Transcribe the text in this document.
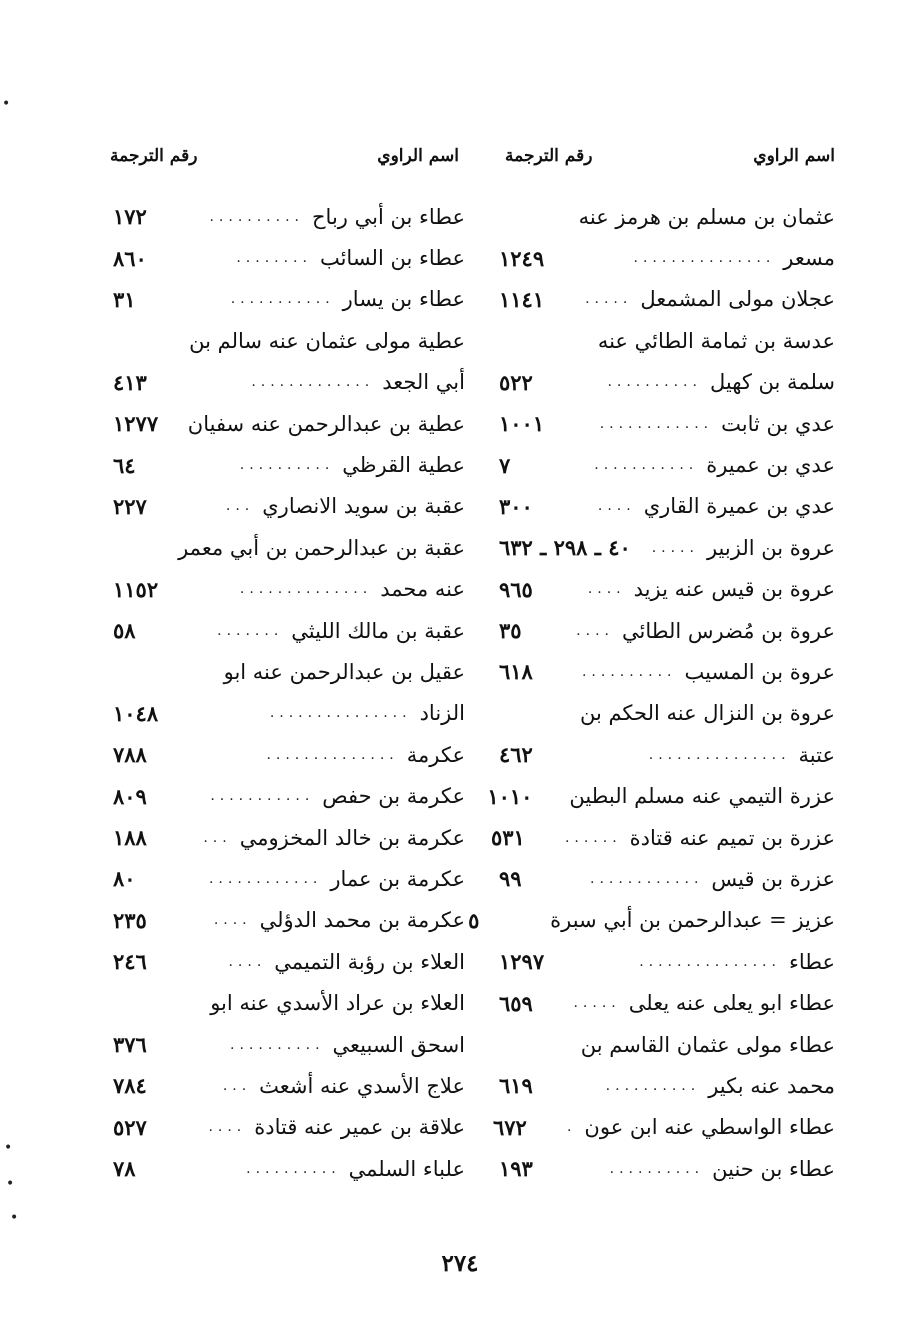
اسم الراوي
رقم الترجمة
عثمان بن مسلم بن هرمز عنه
مسعر
...............
١٢٤٩
عجلان مولى المشمعل
.....
١١٤١
عدسة بن ثمامة الطائي عنه
سلمة بن كهيل
..........
٥٢٢
عدي بن ثابت
............
١٠٠١
عدي بن عميرة
...........
٧
عدي بن عميرة القاري
....
٣٠٠
عروة بن الزبير
.....
٤٠ ـ ٢٩٨ ـ ٦٣٢
عروة بن قيس عنه يزيد
....
٩٦٥
عروة بن مُضرس الطائي
....
٣٥
عروة بن المسيب
..........
٦١٨
عروة بن النزال عنه الحكم بن
عتبة
...............
٤٦٢
عزرة التيمي عنه مسلم البطين
١٠١٠
عزرة بن تميم عنه قتادة
......
٥٣١
عزرة بن قيس
............
٩٩
عزيز = عبدالرحمن بن أبي سبرة
٥
عطاء
...............
١٢٩٧
عطاء ابو يعلى عنه يعلى
.....
٦٥٩
عطاء مولى عثمان القاسم بن
محمد عنه بكير
..........
٦١٩
عطاء الواسطي عنه ابن عون
.
٦٧٢
عطاء بن حنين
..........
١٩٣
اسم الراوي
رقم الترجمة
عطاء بن أبي رباح
..........
١٧٢
عطاء بن السائب
........
٨٦٠
عطاء بن يسار
...........
٣١
عطية مولى عثمان عنه سالم بن
أبي الجعد
.............
٤١٣
عطية بن عبدالرحمن عنه سفيان
١٢٧٧
عطية القرظي
..........
٦٤
عقبة بن سويد الانصاري
...
٢٢٧
عقبة بن عبدالرحمن بن أبي معمر
عنه محمد
..............
١١٥٢
عقبة بن مالك الليثي
.......
٥٨
عقيل بن عبدالرحمن عنه ابو
الزناد
...............
١٠٤٨
عكرمة
..............
٧٨٨
عكرمة بن حفص
...........
٨٠٩
عكرمة بن خالد المخزومي
...
١٨٨
عكرمة بن عمار
............
٨٠
عكرمة بن محمد الدؤلي
....
٢٣٥
العلاء بن رؤبة التميمي
....
٢٤٦
العلاء بن عراد الأسدي عنه ابو
اسحق السبيعي
..........
٣٧٦
علاج الأسدي عنه أشعث
...
٧٨٤
علاقة بن عمير عنه قتادة
....
٥٢٧
علباء السلمي
..........
٧٨
٢٧٤
•
•
•
•
